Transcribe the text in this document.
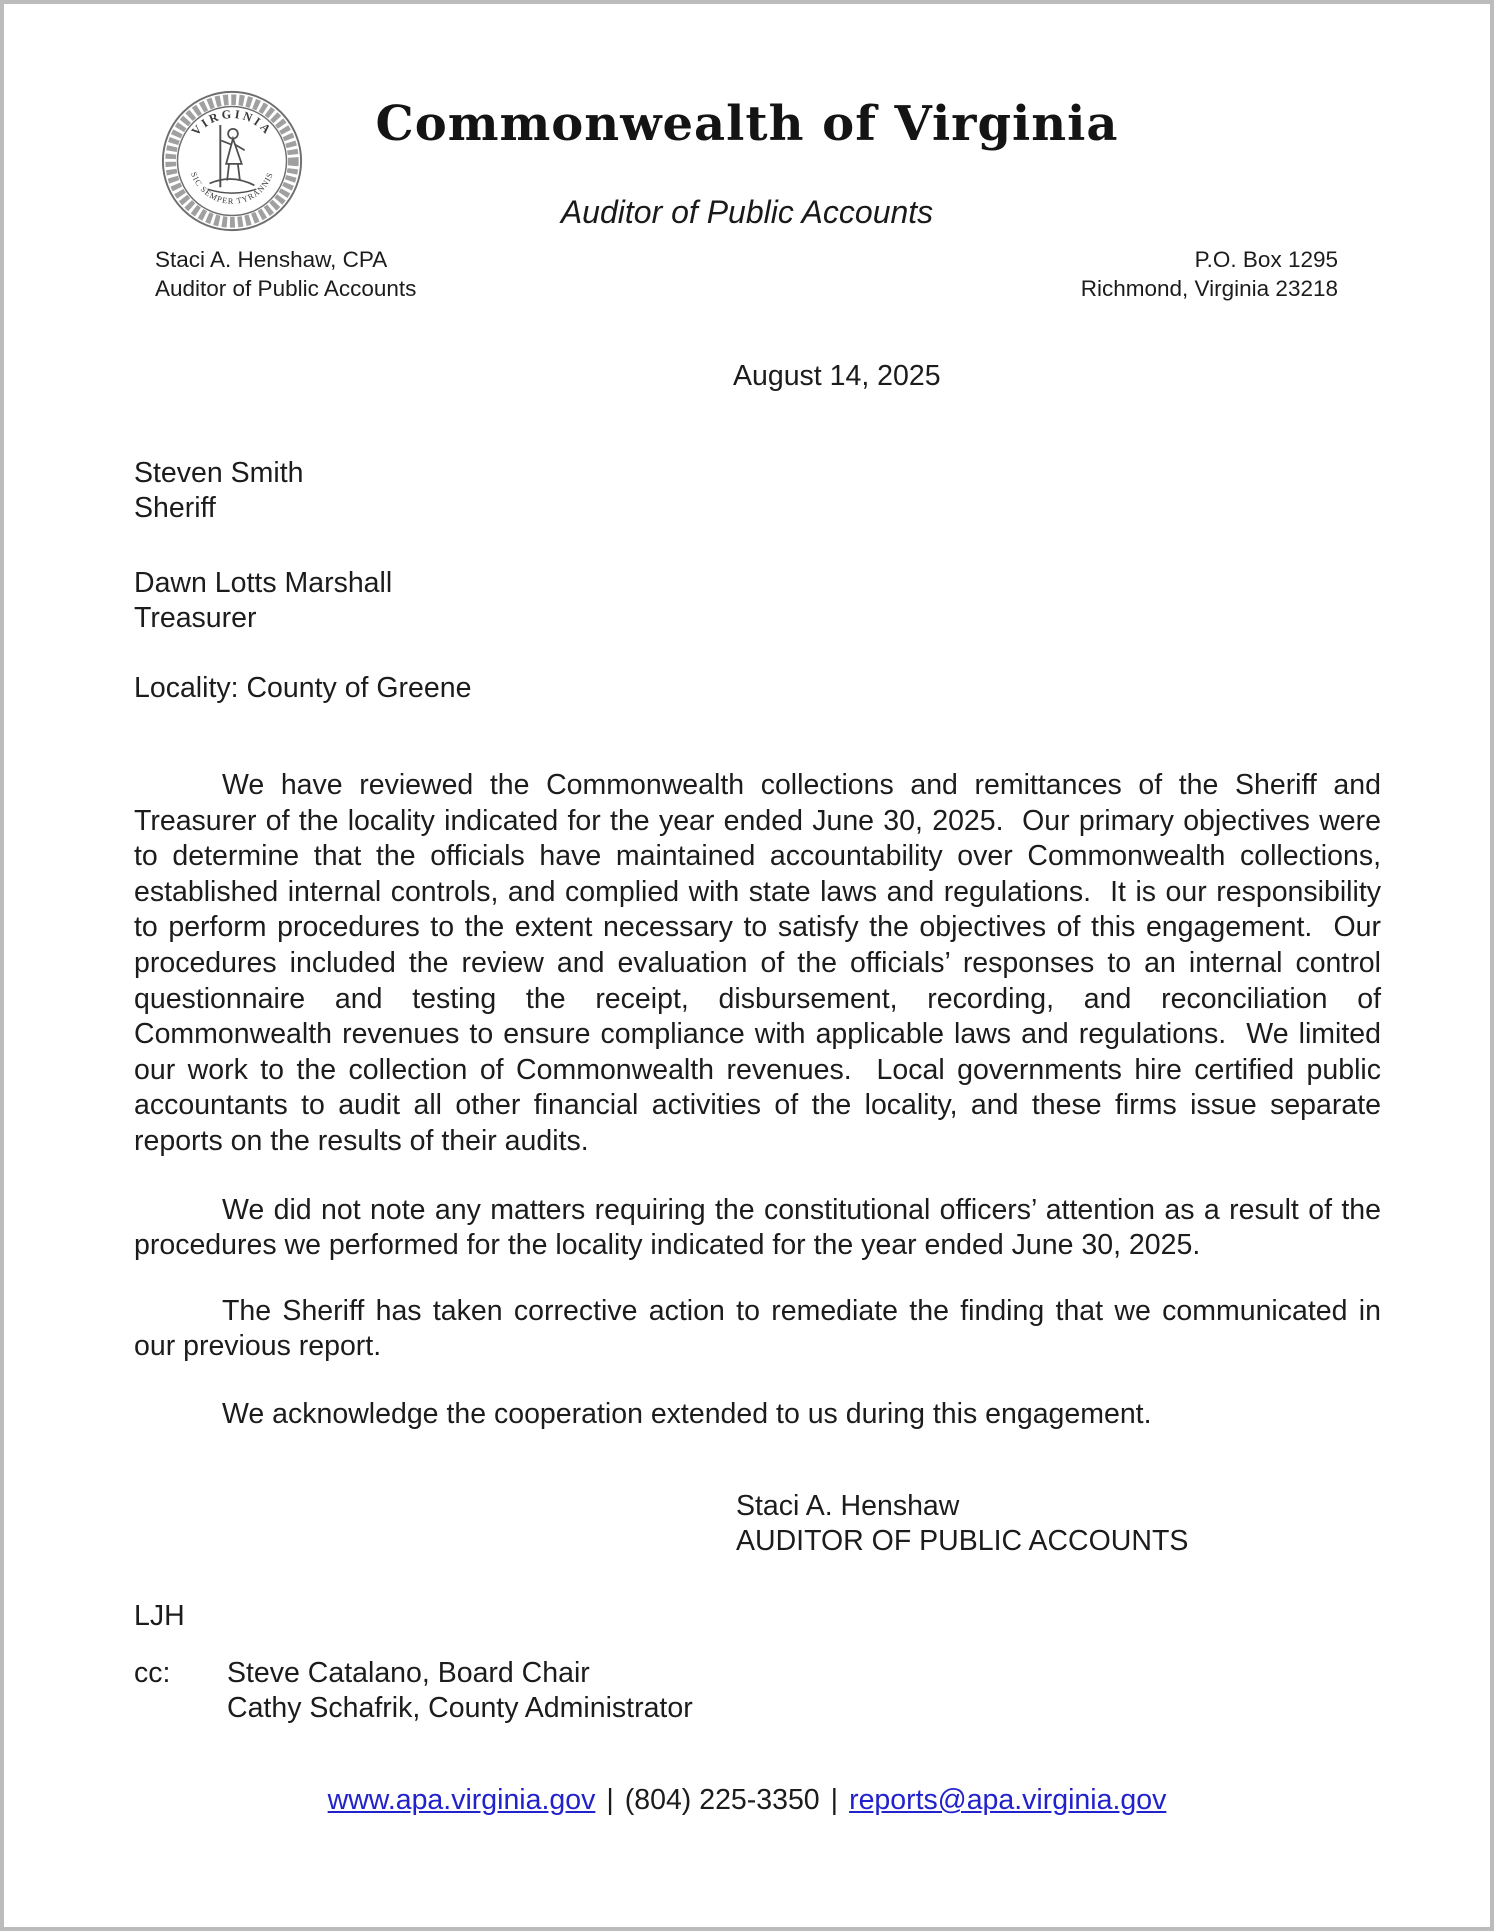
VIRGINIA
SIC SEMPER TYRANNIS
Commonwealth of Virginia
Auditor of Public Accounts
Staci A. Henshaw, CPA
Auditor of Public Accounts
P.O. Box 1295
Richmond, Virginia 23218
August 14, 2025
Steven Smith
Sheriff
Dawn Lotts Marshall
Treasurer
Locality: County of Greene

We have reviewed the Commonwealth collections and remittances of the Sheriff and Treasurer of the locality indicated for the year ended June 30, 2025.  Our primary objectives were to determine that the officials have maintained accountability over Commonwealth collections, established internal controls, and complied with state laws and regulations.  It is our responsibility to perform procedures to the extent necessary to satisfy the objectives of this engagement.  Our procedures included the review and evaluation of the officials’ responses to an internal control questionnaire and testing the receipt, disbursement, recording, and reconciliation of Commonwealth revenues to ensure compliance with applicable laws and regulations.  We limited our work to the collection of Commonwealth revenues.  Local governments hire certified public accountants to audit all other financial activities of the locality, and these firms issue separate reports on the results of their audits.

We did not note any matters requiring the constitutional officers’ attention as a result of the procedures we performed for the locality indicated for the year ended June 30, 2025.

The Sheriff has taken corrective action to remediate the finding that we communicated in our previous report.

We acknowledge the cooperation extended to us during this engagement.

Staci A. Henshaw
AUDITOR OF PUBLIC ACCOUNTS
LJH
cc:	Steve Catalano, Board Chair
Cathy Schafrik, County Administrator
www.apa.virginia.gov | (804) 225-3350 | reports@apa.virginia.gov
